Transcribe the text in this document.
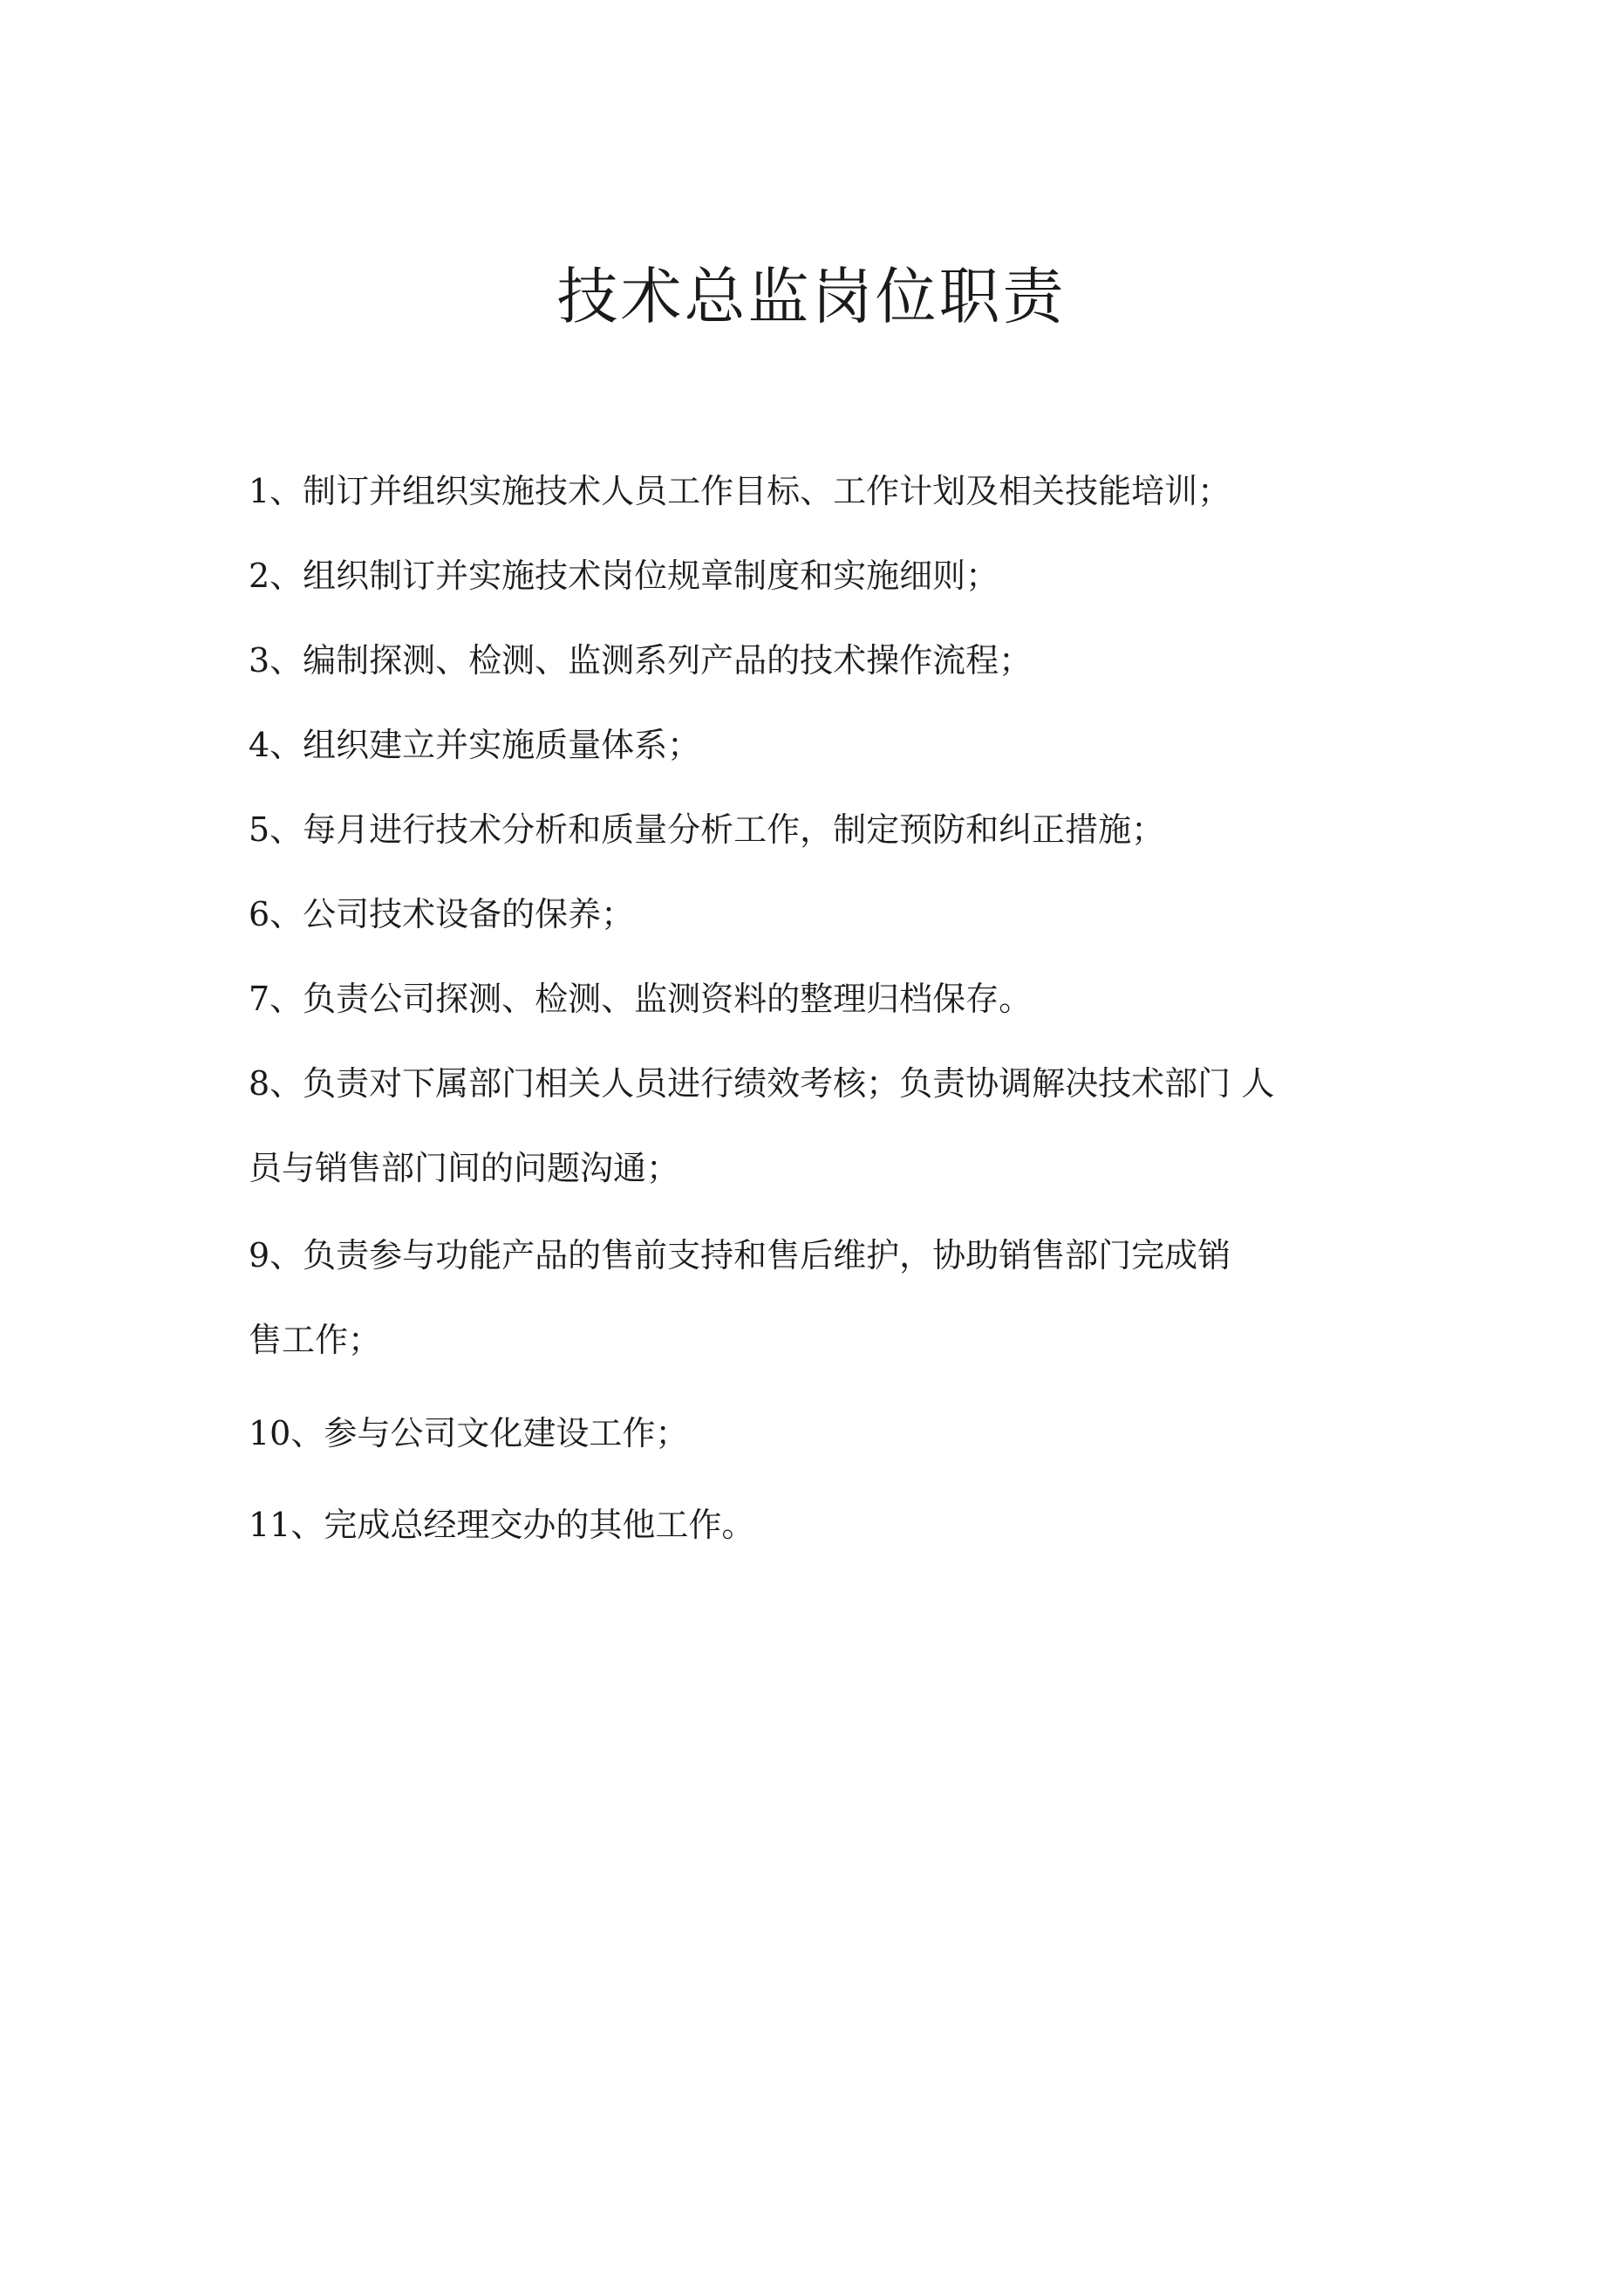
技术总监岗位职责
1、制订并组织实施技术人员工作目标、工作计划及相关技能培训；
2、组织制订并实施技术岗位规章制度和实施细则；
3、编制探测、检测、监测系列产品的技术操作流程；
4、组织建立并实施质量体系；
5、每月进行技术分析和质量分析工作，制定预防和纠正措施；
6、公司技术设备的保养；
7、负责公司探测、检测、监测资料的整理归档保存。
8、负责对下属部门相关人员进行绩效考核；负责协调解决技术部门 人
员与销售部门间的问题沟通；
9、负责参与功能产品的售前支持和售后维护，协助销售部门完成销
售工作；
10、参与公司文化建设工作；
11、完成总经理交办的其他工作。
